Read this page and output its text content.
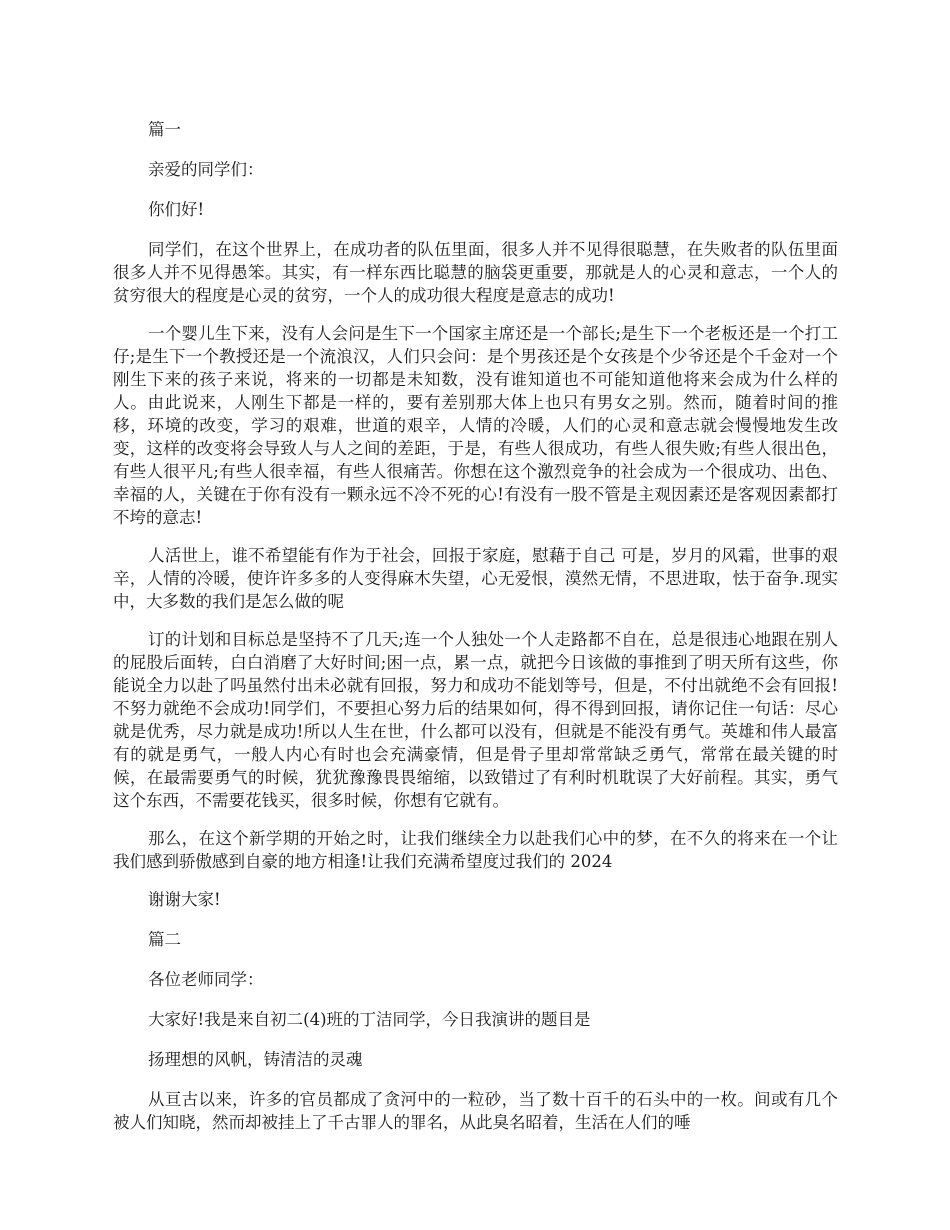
篇一

亲爱的同学们：

你们好!

同学们，在这个世界上，在成功者的队伍里面，很多人并不见得很聪慧，在失败者的队伍里面很多人并不见得愚笨。其实，有一样东西比聪慧的脑袋更重要，那就是人的心灵和意志，一个人的贫穷很大的程度是心灵的贫穷，一个人的成功很大程度是意志的成功!

一个婴儿生下来，没有人会问是生下一个国家主席还是一个部长;是生下一个老板还是一个打工仔;是生下一个教授还是一个流浪汉，人们只会问：是个男孩还是个女孩是个少爷还是个千金对一个刚生下来的孩子来说，将来的一切都是未知数，没有谁知道也不可能知道他将来会成为什么样的人。由此说来，人刚生下都是一样的，要有差别那大体上也只有男女之别。然而，随着时间的推移，环境的改变，学习的艰难，世道的艰辛，人情的冷暖，人们的心灵和意志就会慢慢地发生改变，这样的改变将会导致人与人之间的差距，于是，有些人很成功，有些人很失败;有些人很出色，有些人很平凡;有些人很幸福，有些人很痛苦。你想在这个激烈竞争的社会成为一个很成功、出色、幸福的人，关键在于你有没有一颗永远不冷不死的心!有没有一股不管是主观因素还是客观因素都打不垮的意志!

人活世上，谁不希望能有作为于社会，回报于家庭，慰藉于自己 可是，岁月的风霜，世事的艰辛，人情的冷暖，使许许多多的人变得麻木失望，心无爱恨，漠然无情，不思进取，怯于奋争.现实中，大多数的我们是怎么做的呢

订的计划和目标总是坚持不了几天;连一个人独处一个人走路都不自在，总是很违心地跟在别人的屁股后面转，白白消磨了大好时间;困一点，累一点，就把今日该做的事推到了明天所有这些，你能说全力以赴了吗虽然付出未必就有回报，努力和成功不能划等号，但是，不付出就绝不会有回报!不努力就绝不会成功!同学们，不要担心努力后的结果如何，得不得到回报，请你记住一句话：尽心就是优秀，尽力就是成功!所以人生在世，什么都可以没有，但就是不能没有勇气。英雄和伟人最富有的就是勇气，一般人内心有时也会充满豪情，但是骨子里却常常缺乏勇气，常常在最关键的时候，在最需要勇气的时候，犹犹豫豫畏畏缩缩，以致错过了有利时机耽误了大好前程。其实，勇气这个东西，不需要花钱买，很多时候，你想有它就有。

那么，在这个新学期的开始之时，让我们继续全力以赴我们心中的梦，在不久的将来在一个让我们感到骄傲感到自豪的地方相逢!让我们充满希望度过我们的 2024

谢谢大家!

篇二

各位老师同学：

大家好!我是来自初二(4)班的丁洁同学，今日我演讲的题目是

扬理想的风帆，铸清洁的灵魂

从亘古以来，许多的官员都成了贪河中的一粒砂，当了数十百千的石头中的一枚。间或有几个被人们知晓，然而却被挂上了千古罪人的罪名，从此臭名昭着，生活在人们的唾
